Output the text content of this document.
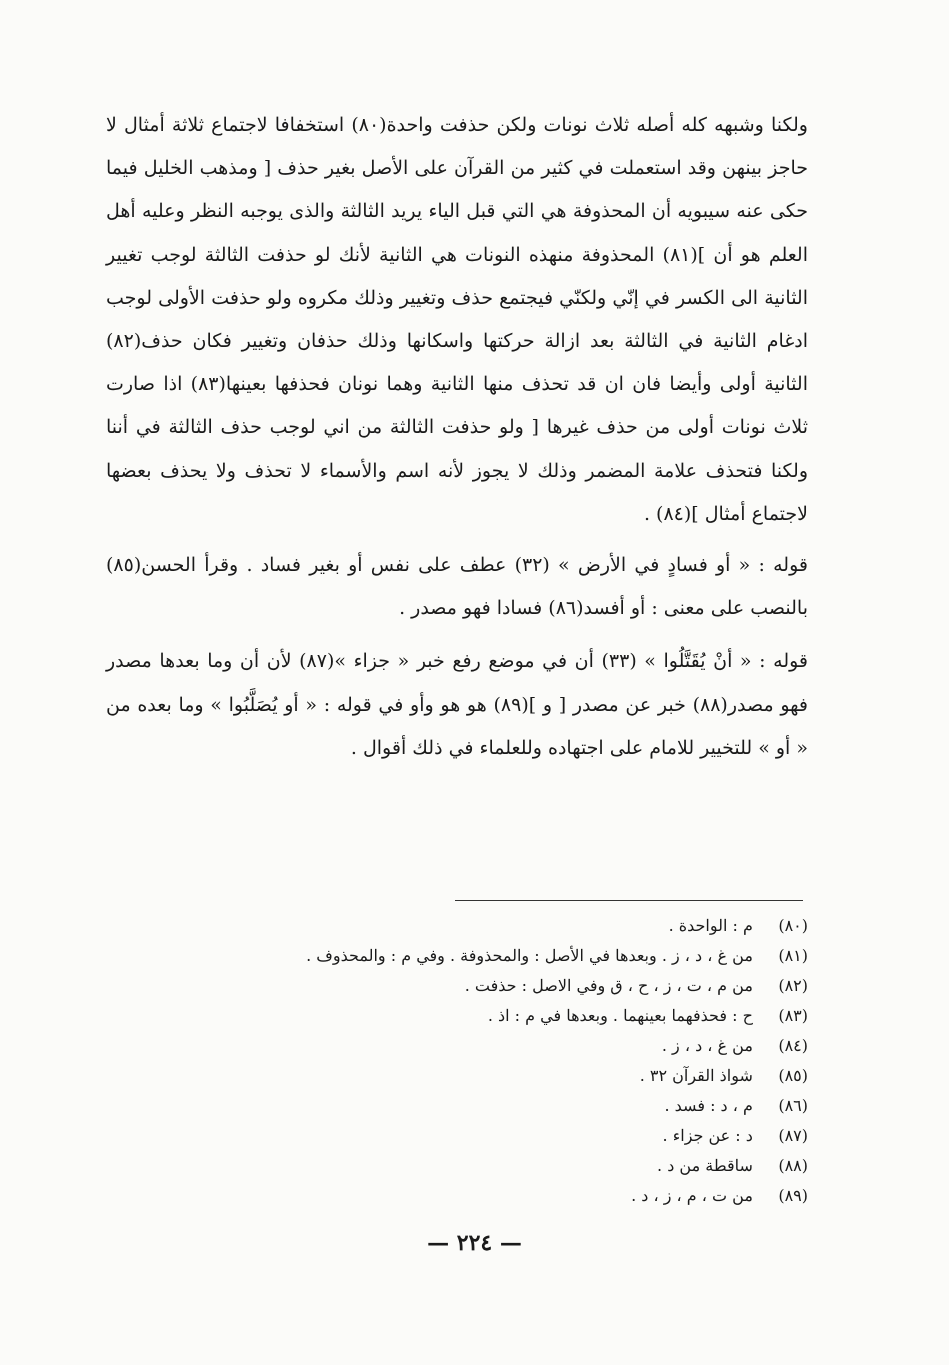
ولكنا وشبهه كله أصله ثلاث نونات ولكن حذفت واحدة(٨٠) استخفافا لاجتماع ثلاثة أمثال لا حاجز بينهن وقد استعملت في كثير من القرآن على الأصل بغير حذف [ ومذهب الخليل فيما حكى عنه سيبويه أن المحذوفة هي التي قبل الياء يريد الثالثة والذى يوجبه النظر وعليه أهل العلم هو أن ](٨١) المحذوفة منهذه النونات هي الثانية لأنك لو حذفت الثالثة لوجب تغيير الثانية الى الكسر في إنّي ولكنّي فيجتمع حذف وتغيير وذلك مكروه ولو حذفت الأولى لوجب ادغام الثانية في الثالثة بعد ازالة حركتها واسكانها وذلك حذفان وتغيير فكان حذف(٨٢) الثانية أولى وأيضا فان ان قد تحذف منها الثانية وهما نونان فحذفها بعينها(٨٣) اذا صارت ثلاث نونات أولى من حذف غيرها [ ولو حذفت الثالثة من اني لوجب حذف الثالثة في أننا ولكنا فتحذف علامة المضمر وذلك لا يجوز لأنه اسم والأسماء لا تحذف ولا يحذف بعضها لاجتماع أمثال ](٨٤) ‌.

قوله : « أو فسادٍ في الأرض » (٣٢) عطف على نفس أو بغير فساد . وقرأ الحسن(٨٥) بالنصب على معنى : أو أفسد(٨٦) فسادا فهو مصدر .

قوله : « أنْ يُقَتَّلُوا » (٣٣) أن في موضع رفع خبر « جزاء »(٨٧) لأن أن وما بعدها مصدر فهو مصدر(٨٨) خبر عن مصدر [ و ](٨٩) هو هو وأو في قوله : « أو يُصَلَّبُوا » وما بعده من « أو » للتخيير للامام على اجتهاده وللعلماء في ذلك أقوال .

(٨٠) م : الواحدة .
(٨١) من غ ، د ، ز . وبعدها في الأصل : والمحذوفة . وفي م : والمحذوف .
(٨٢) من م ، ت ، ز ، ح ، ق وفي الاصل : حذفت .
(٨٣) ح : فحذفهما بعينهما . وبعدها في م : اذ .
(٨٤) من غ ، د ، ز .
(٨٥) شواذ القرآن ٣٢ .
(٨٦) م ، د : فسد .
(٨٧) د : عن جزاء .
(٨٨) ساقطة من د .
(٨٩) من ت ، م ، ز ، د .
— ٢٢٤ —
